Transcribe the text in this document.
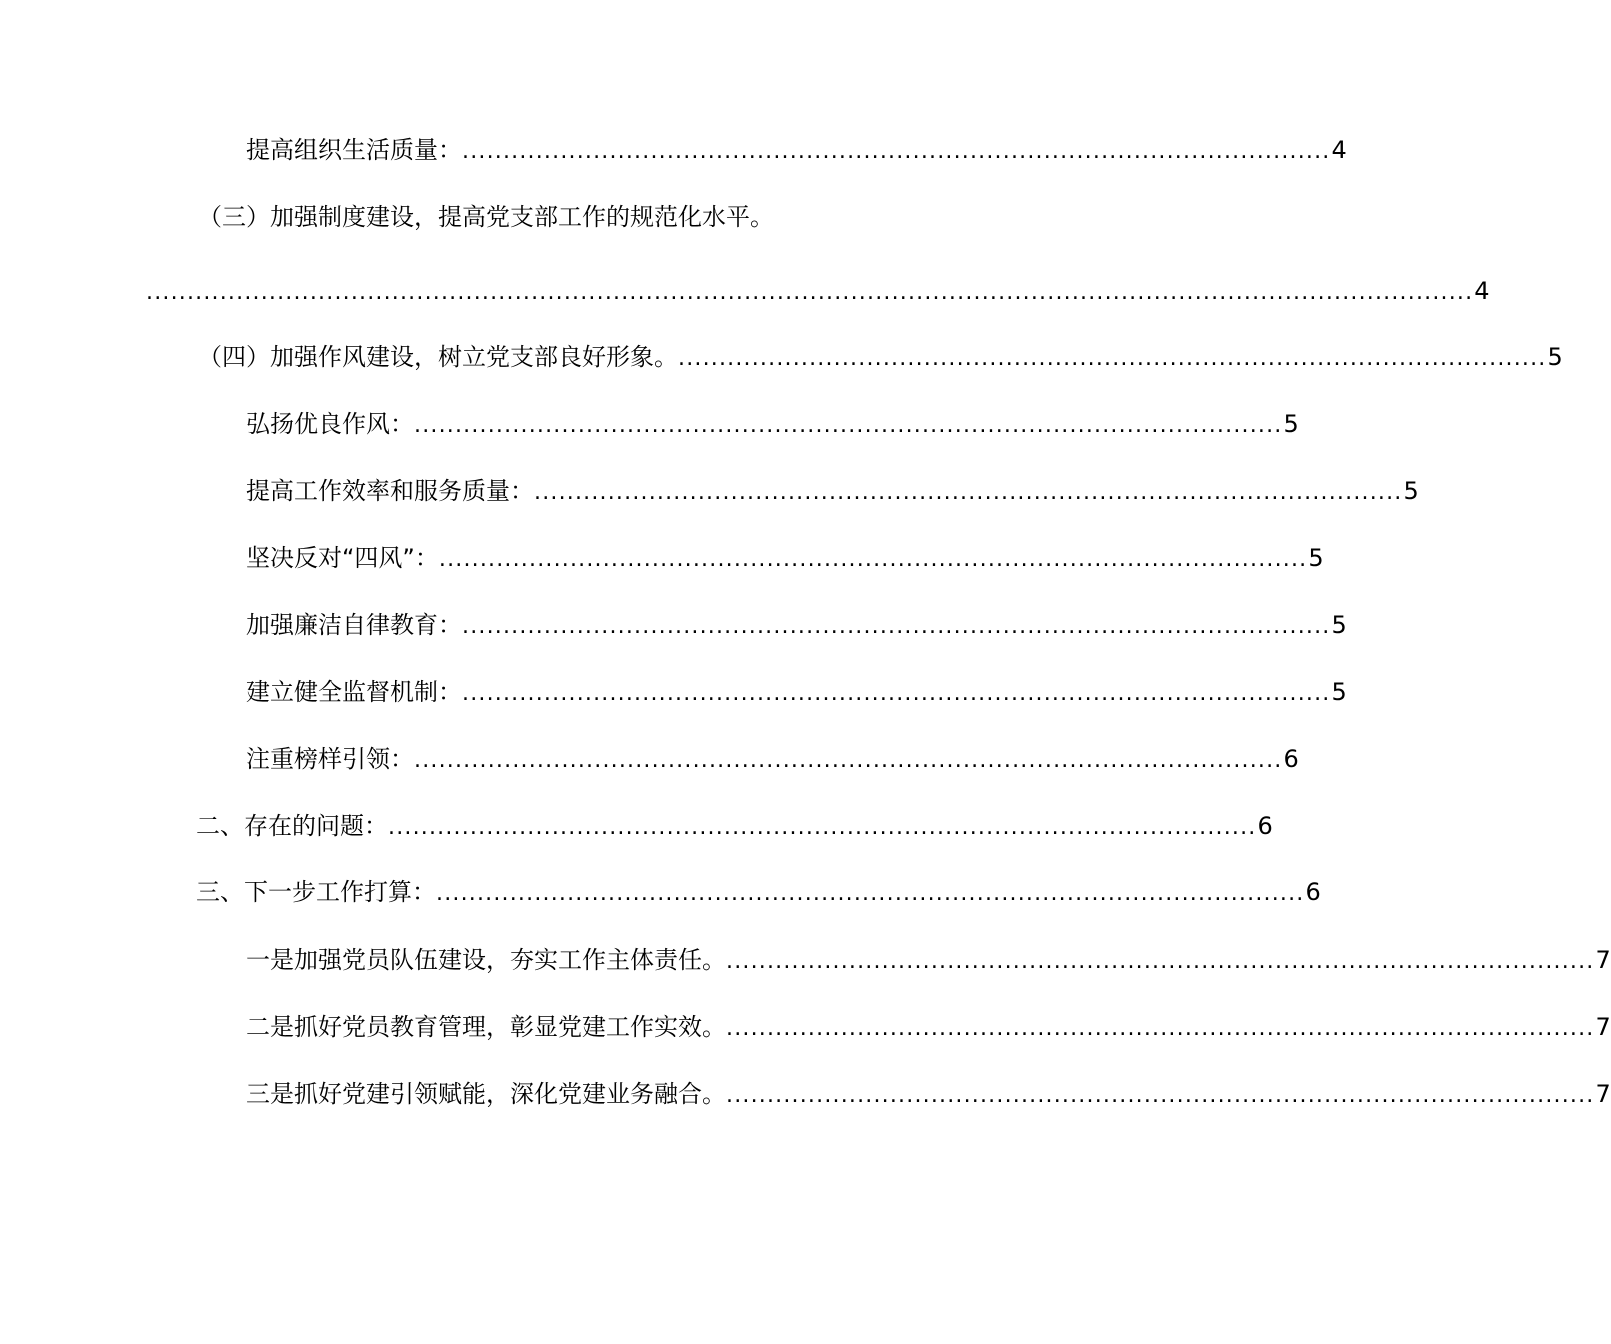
提高组织生活质量： .......................................................................................................... 4
（三）加强制度建设，提高党支部工作的规范化水平。
.................................................................................................................................................................. 4
（四）加强作风建设，树立党支部良好形象。 .......................................................................................................... 5
弘扬优良作风： .......................................................................................................... 5
提高工作效率和服务质量： .......................................................................................................... 5
坚决反对“四风”： .......................................................................................................... 5
加强廉洁自律教育： .......................................................................................................... 5
建立健全监督机制： .......................................................................................................... 5
注重榜样引领： .......................................................................................................... 6
二、存在的问题： .......................................................................................................... 6
三、下一步工作打算： .......................................................................................................... 6
一是加强党员队伍建设，夯实工作主体责任。 .......................................................................................................... 7
二是抓好党员教育管理，彰显党建工作实效。 .......................................................................................................... 7
三是抓好党建引领赋能，深化党建业务融合。 .......................................................................................................... 7
